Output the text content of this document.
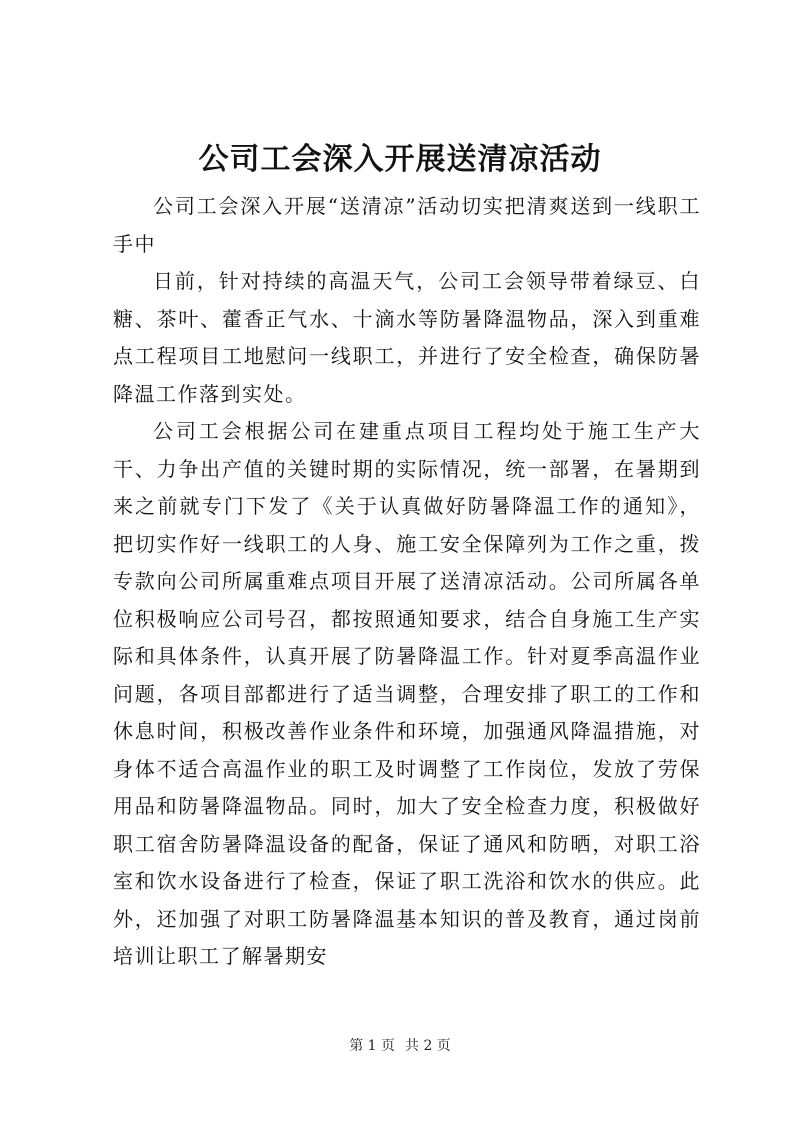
公司工会深入开展送清凉活动

公司工会深入开展“送清凉”活动切实把清爽送到一线职工手中

日前，针对持续的高温天气，公司工会领导带着绿豆、白糖、茶叶、藿香正气水、十滴水等防暑降温物品，深入到重难点工程项目工地慰问一线职工，并进行了安全检查，确保防暑降温工作落到实处。

公司工会根据公司在建重点项目工程均处于施工生产大干、力争出产值的关键时期的实际情况，统一部署，在暑期到来之前就专门下发了《关于认真做好防暑降温工作的通知》，把切实作好一线职工的人身、施工安全保障列为工作之重，拨专款向公司所属重难点项目开展了送清凉活动。公司所属各单位积极响应公司号召，都按照通知要求，结合自身施工生产实际和具体条件，认真开展了防暑降温工作。针对夏季高温作业问题，各项目部都进行了适当调整，合理安排了职工的工作和休息时间，积极改善作业条件和环境，加强通风降温措施，对身体不适合高温作业的职工及时调整了工作岗位，发放了劳保用品和防暑降温物品。同时，加大了安全检查力度，积极做好职工宿舍防暑降温设备的配备，保证了通风和防晒，对职工浴室和饮水设备进行了检查，保证了职工洗浴和饮水的供应。此外，还加强了对职工防暑降温基本知识的普及教育，通过岗前培训让职工了解暑期安

第 1 页 共 2 页
